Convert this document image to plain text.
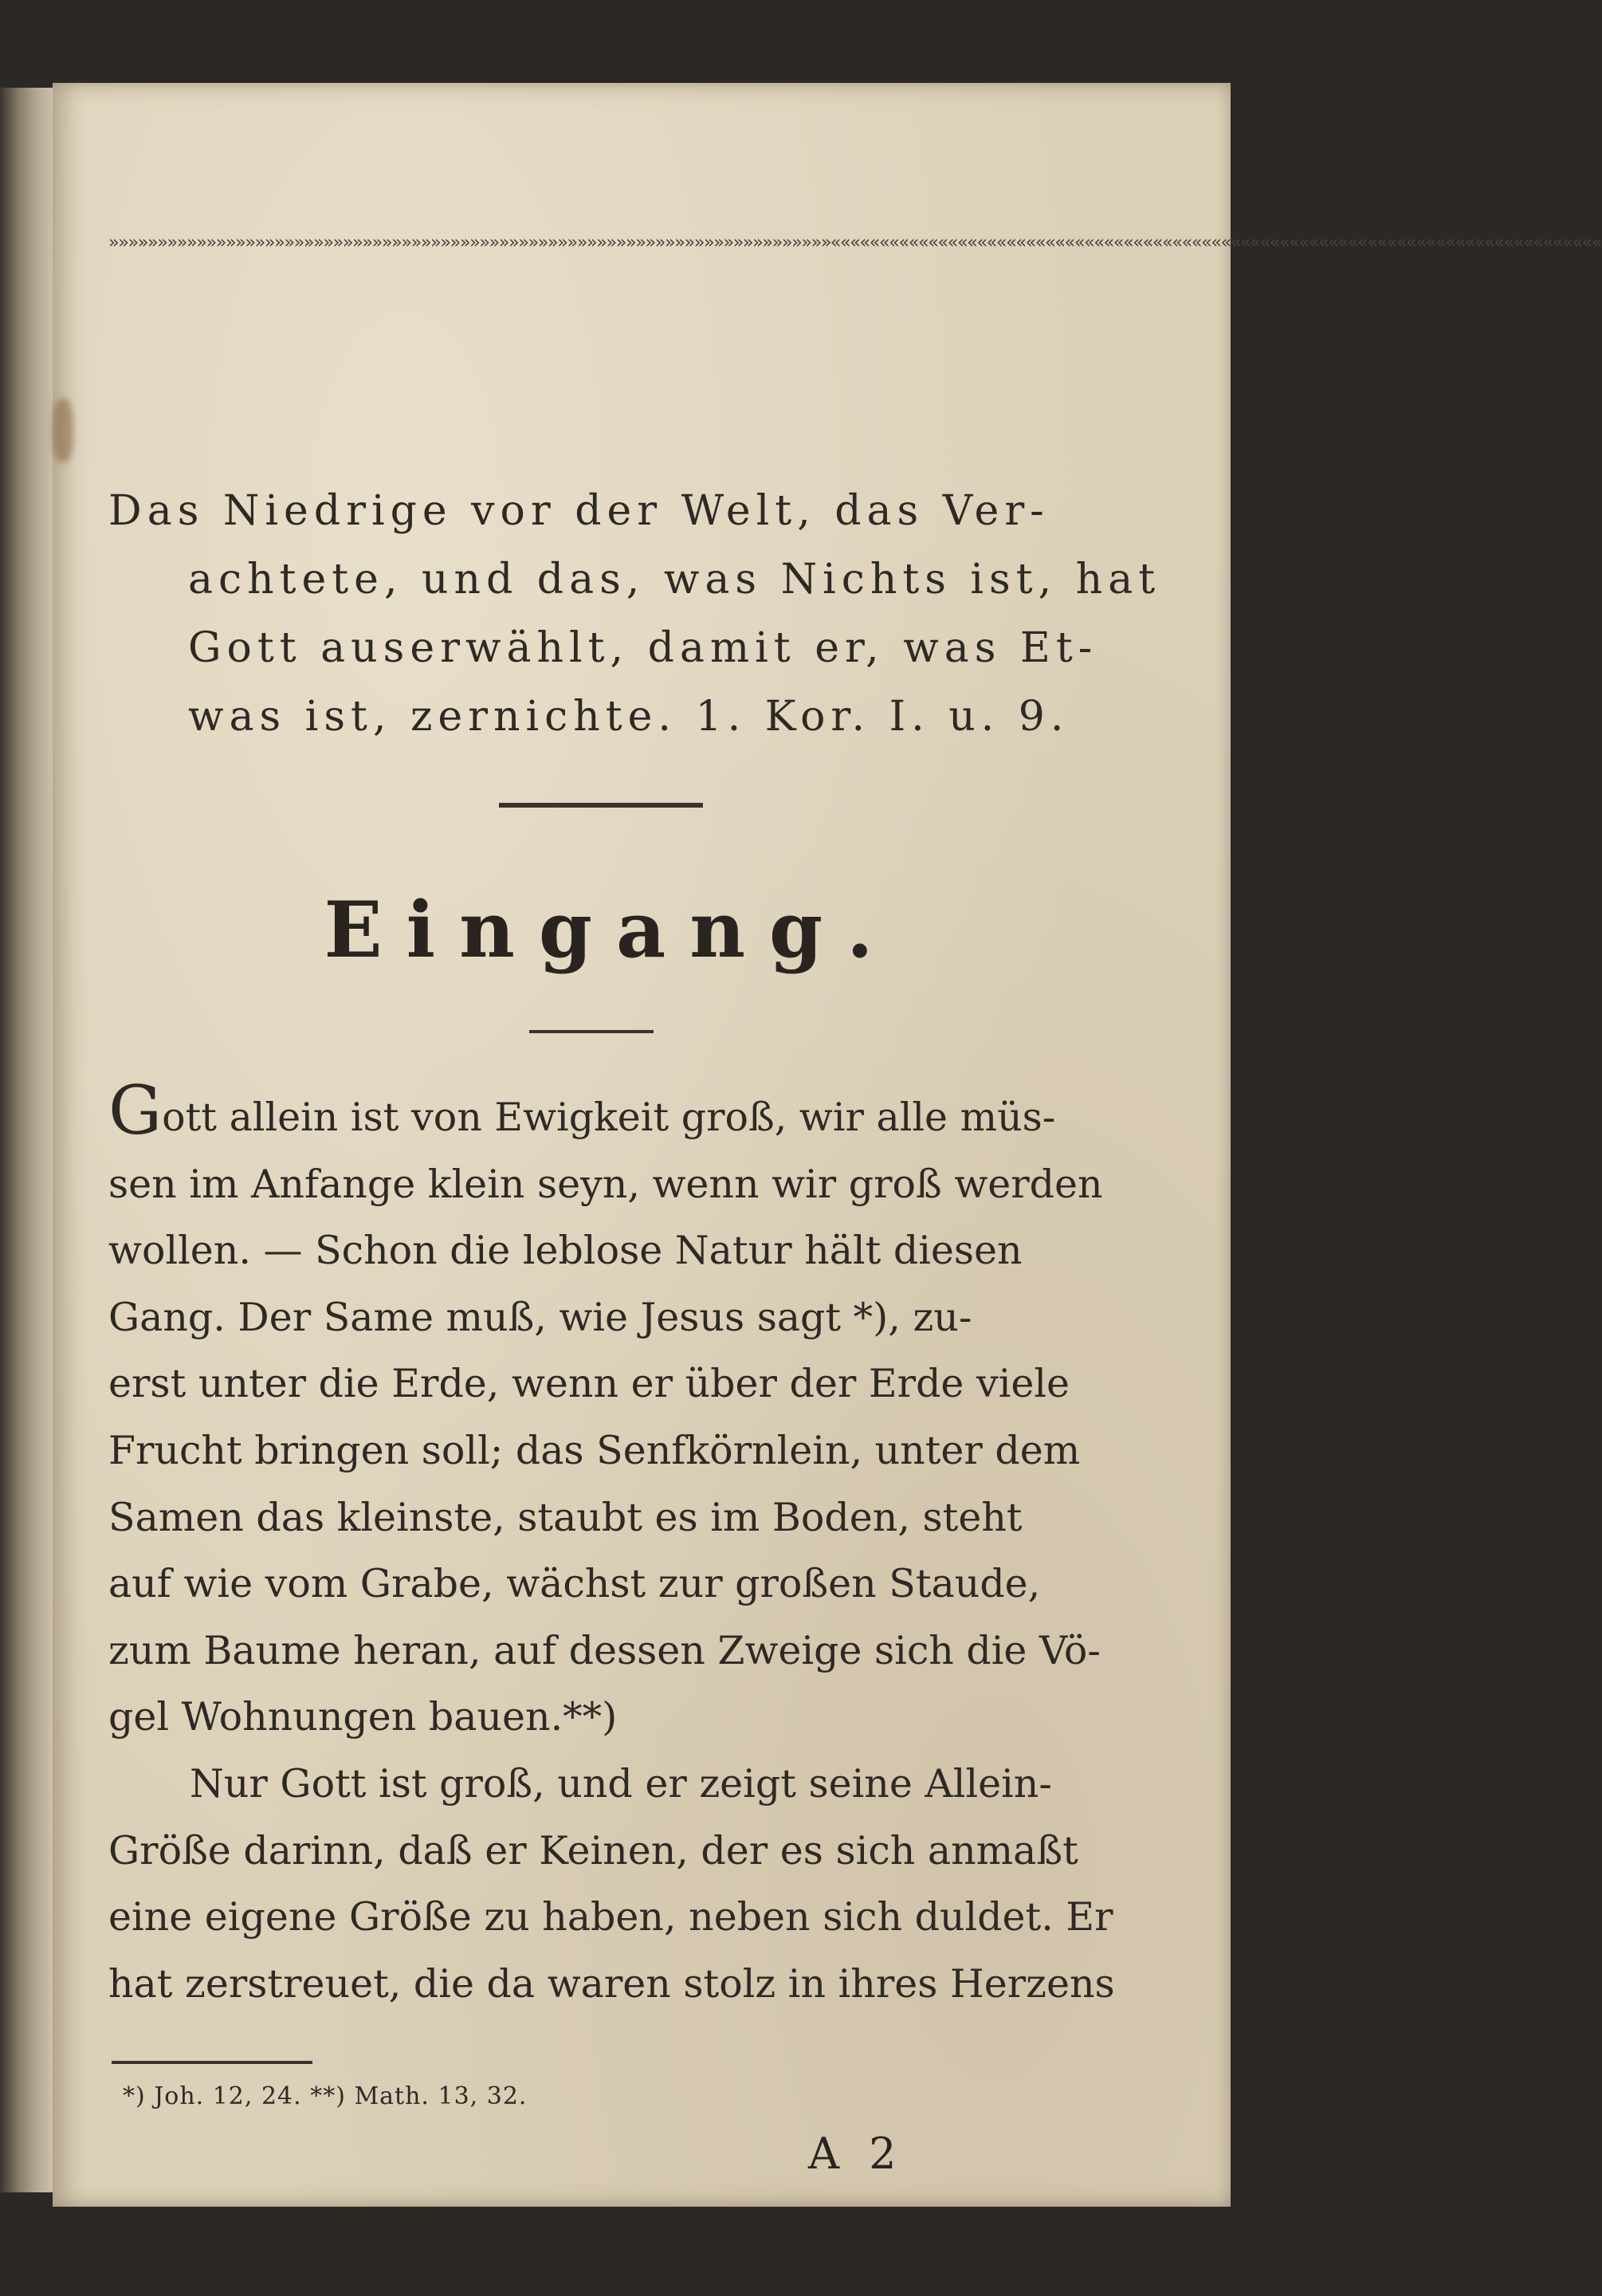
»»»»»»»»»»»»»»»»»»»»»»»»»»»»»»»»»»»»»»»»»»»»»»»»»»»»»»»»»»»»»»»»»»»»»»»»»»«««««««««««««««««««««««««««««««««««««««««««««««««««««««««««««««««««««««««««««««
Das Niedrige vor der Welt, das Ver-
achtete, und das, was Nichts ist, hat
Gott auserwählt, damit er, was Et-
was ist, zernichte. 1. Kor. I. u. 9.
Eingang.
Gott allein ist von Ewigkeit groß, wir alle müs-
sen im Anfange klein seyn, wenn wir groß werden
wollen. — Schon die leblose Natur hält diesen
Gang. Der Same muß, wie Jesus sagt *), zu-
erst unter die Erde, wenn er über der Erde viele
Frucht bringen soll; das Senfkörnlein, unter dem
Samen das kleinste, staubt es im Boden, steht
auf wie vom Grabe, wächst zur großen Staude,
zum Baume heran, auf dessen Zweige sich die Vö-
gel Wohnungen bauen.**)
Nur Gott ist groß, und er zeigt seine Allein-
Größe darinn, daß er Keinen, der es sich anmaßt
eine eigene Größe zu haben, neben sich duldet. Er
hat zerstreuet, die da waren stolz in ihres Herzens
*) Joh. 12, 24. **) Math. 13, 32.
A 2
